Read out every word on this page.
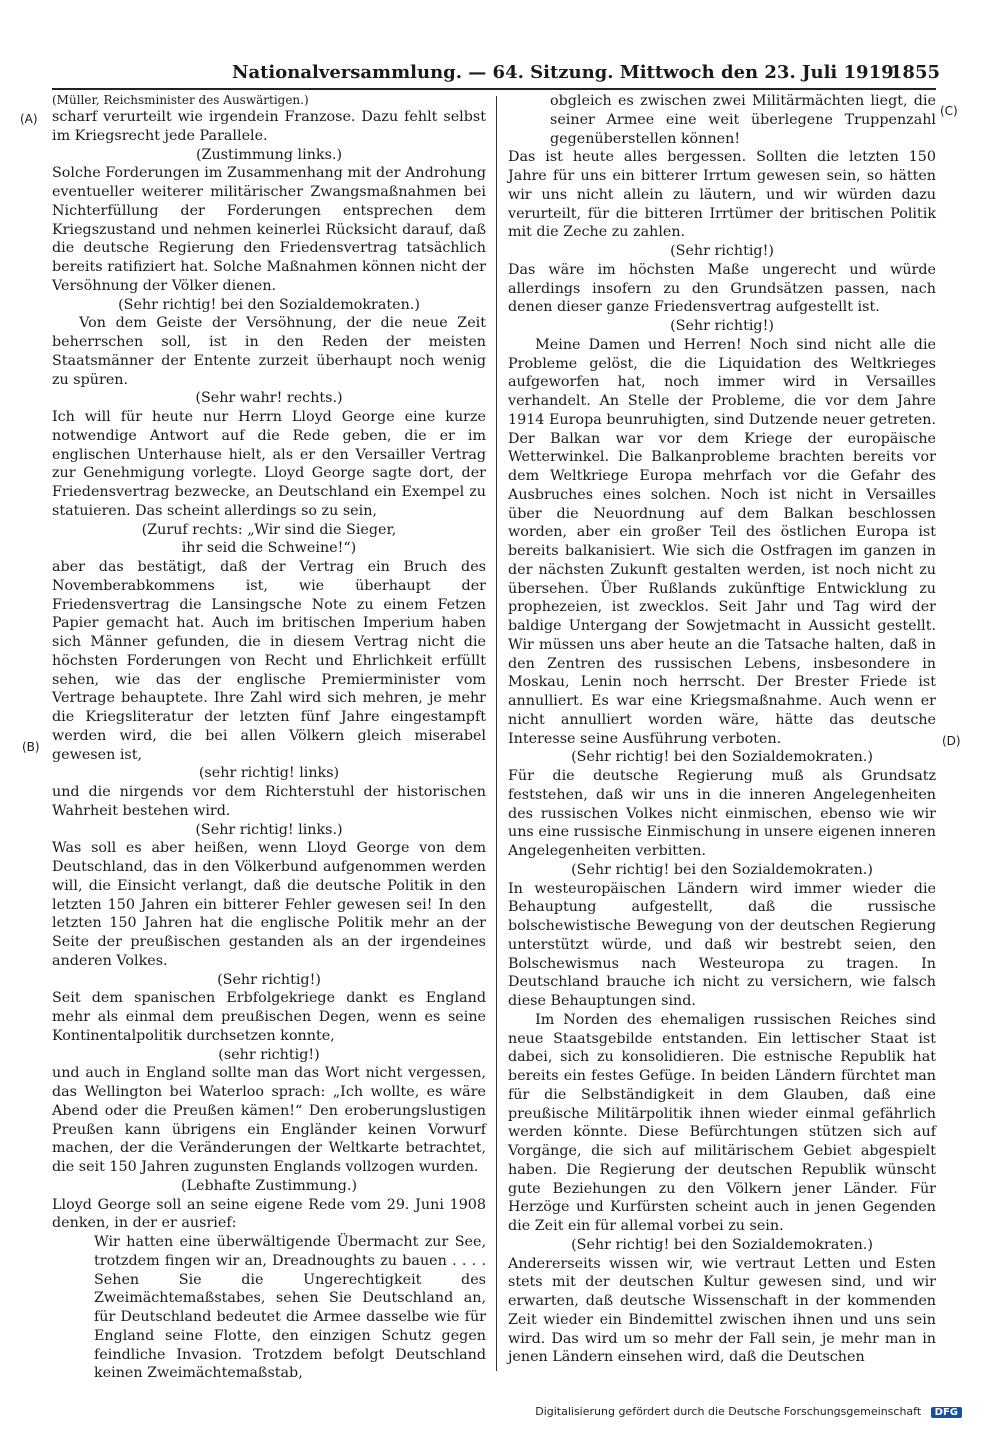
Nationalversammlung. — 64. Sitzung. Mittwoch den 23. Juli 1919.
1855
(A)
(B)
(C)
(D)

(Müller, Reichsminister des Auswärtigen.)

scharf verurteilt wie irgendein Franzose. Dazu fehlt selbst im Kriegsrecht jede Parallele.

(Zustimmung links.)

Solche Forderungen im Zusammenhang mit der Androhung eventueller weiterer militärischer Zwangsmaßnahmen bei Nichterfüllung der Forderungen entsprechen dem Kriegszustand und nehmen keinerlei Rücksicht darauf, daß die deutsche Regierung den Friedensvertrag tatsächlich bereits ratifiziert hat. Solche Maßnahmen können nicht der Versöhnung der Völker dienen.

(Sehr richtig! bei den Sozialdemokraten.)

Von dem Geiste der Versöhnung, der die neue Zeit beherrschen soll, ist in den Reden der meisten Staatsmänner der Entente zurzeit überhaupt noch wenig zu spüren.

(Sehr wahr! rechts.)

Ich will für heute nur Herrn Lloyd George eine kurze notwendige Antwort auf die Rede geben, die er im englischen Unterhause hielt, als er den Versailler Vertrag zur Genehmigung vorlegte. Lloyd George sagte dort, der Friedensvertrag bezwecke, an Deutschland ein Exempel zu statuieren. Das scheint allerdings so zu sein,

(Zuruf rechts: „Wir sind die Sieger,

ihr seid die Schweine!“)

aber das bestätigt, daß der Vertrag ein Bruch des Novemberabkommens ist, wie überhaupt der Friedensvertrag die Lansingsche Note zu einem Fetzen Papier gemacht hat. Auch im britischen Imperium haben sich Männer gefunden, die in diesem Vertrag nicht die höchsten Forderungen von Recht und Ehrlichkeit erfüllt sehen, wie das der englische Premierminister vom Vertrage behauptete. Ihre Zahl wird sich mehren, je mehr die Kriegsliteratur der letzten fünf Jahre eingestampft werden wird, die bei allen Völkern gleich miserabel gewesen ist,

(sehr richtig! links)

und die nirgends vor dem Richterstuhl der historischen Wahrheit bestehen wird.

(Sehr richtig! links.)

Was soll es aber heißen, wenn Lloyd George von dem Deutschland, das in den Völkerbund aufgenommen werden will, die Einsicht verlangt, daß die deutsche Politik in den letzten 150 Jahren ein bitterer Fehler gewesen sei! In den letzten 150 Jahren hat die englische Politik mehr an der Seite der preußischen gestanden als an der irgendeines anderen Volkes.

(Sehr richtig!)

Seit dem spanischen Erbfolgekriege dankt es England mehr als einmal dem preußischen Degen, wenn es seine Kontinentalpolitik durchsetzen konnte,

(sehr richtig!)

und auch in England sollte man das Wort nicht vergessen, das Wellington bei Waterloo sprach: „Ich wollte, es wäre Abend oder die Preußen kämen!“ Den eroberungslustigen Preußen kann übrigens ein Engländer keinen Vorwurf machen, der die Veränderungen der Weltkarte betrachtet, die seit 150 Jahren zugunsten Englands vollzogen wurden.

(Lebhafte Zustimmung.)

Lloyd George soll an seine eigene Rede vom 29. Juni 1908 denken, in der er ausrief:

Wir hatten eine überwältigende Übermacht zur See, trotzdem fingen wir an, Dreadnoughts zu bauen . . . . Sehen Sie die Ungerechtigkeit des Zweimächtemaßstabes, sehen Sie Deutschland an, für Deutschland bedeutet die Armee dasselbe wie für England seine Flotte, den einzigen Schutz gegen feindliche Invasion. Trotzdem befolgt Deutschland keinen Zweimächtemaßstab,

obgleich es zwischen zwei Militärmächten liegt, die seiner Armee eine weit überlegene Truppenzahl gegenüberstellen können!

Das ist heute alles bergessen. Sollten die letzten 150 Jahre für uns ein bitterer Irrtum gewesen sein, so hätten wir uns nicht allein zu läutern, und wir würden dazu verurteilt, für die bitteren Irrtümer der britischen Politik mit die Zeche zu zahlen.

(Sehr richtig!)

Das wäre im höchsten Maße ungerecht und würde allerdings insofern zu den Grundsätzen passen, nach denen dieser ganze Friedensvertrag aufgestellt ist.

(Sehr richtig!)

Meine Damen und Herren! Noch sind nicht alle die Probleme gelöst, die die Liquidation des Weltkrieges aufgeworfen hat, noch immer wird in Versailles verhandelt. An Stelle der Probleme, die vor dem Jahre 1914 Europa beunruhigten, sind Dutzende neuer getreten. Der Balkan war vor dem Kriege der europäische Wetterwinkel. Die Balkanprobleme brachten bereits vor dem Weltkriege Europa mehrfach vor die Gefahr des Ausbruches eines solchen. Noch ist nicht in Versailles über die Neuordnung auf dem Balkan beschlossen worden, aber ein großer Teil des östlichen Europa ist bereits balkanisiert. Wie sich die Ostfragen im ganzen in der nächsten Zukunft gestalten werden, ist noch nicht zu übersehen. Über Rußlands zukünftige Entwicklung zu prophezeien, ist zwecklos. Seit Jahr und Tag wird der baldige Untergang der Sowjetmacht in Aussicht gestellt. Wir müssen uns aber heute an die Tatsache halten, daß in den Zentren des russischen Lebens, insbesondere in Moskau, Lenin noch herrscht. Der Brester Friede ist annulliert. Es war eine Kriegsmaßnahme. Auch wenn er nicht annulliert worden wäre, hätte das deutsche Interesse seine Ausführung verboten.

(Sehr richtig! bei den Sozialdemokraten.)

Für die deutsche Regierung muß als Grundsatz feststehen, daß wir uns in die inneren Angelegenheiten des russischen Volkes nicht einmischen, ebenso wie wir uns eine russische Einmischung in unsere eigenen inneren Angelegenheiten verbitten.

(Sehr richtig! bei den Sozialdemokraten.)

In westeuropäischen Ländern wird immer wieder die Behauptung aufgestellt, daß die russische bolschewistische Bewegung von der deutschen Regierung unterstützt würde, und daß wir bestrebt seien, den Bolschewismus nach Westeuropa zu tragen. In Deutschland brauche ich nicht zu versichern, wie falsch diese Behauptungen sind.

Im Norden des ehemaligen russischen Reiches sind neue Staatsgebilde entstanden. Ein lettischer Staat ist dabei, sich zu konsolidieren. Die estnische Republik hat bereits ein festes Gefüge. In beiden Ländern fürchtet man für die Selbständigkeit in dem Glauben, daß eine preußische Militärpolitik ihnen wieder einmal gefährlich werden könnte. Diese Befürchtungen stützen sich auf Vorgänge, die sich auf militärischem Gebiet abgespielt haben. Die Regierung der deutschen Republik wünscht gute Beziehungen zu den Völkern jener Länder. Für Herzöge und Kurfürsten scheint auch in jenen Gegenden die Zeit ein für allemal vorbei zu sein.

(Sehr richtig! bei den Sozialdemokraten.)

Andererseits wissen wir, wie vertraut Letten und Esten stets mit der deutschen Kultur gewesen sind, und wir erwarten, daß deutsche Wissenschaft in der kommenden Zeit wieder ein Bindemittel zwischen ihnen und uns sein wird. Das wird um so mehr der Fall sein, je mehr man in jenen Ländern einsehen wird, daß die Deutschen

Digitalisierung gefördert durch die Deutsche Forschungsgemeinschaft DFG
